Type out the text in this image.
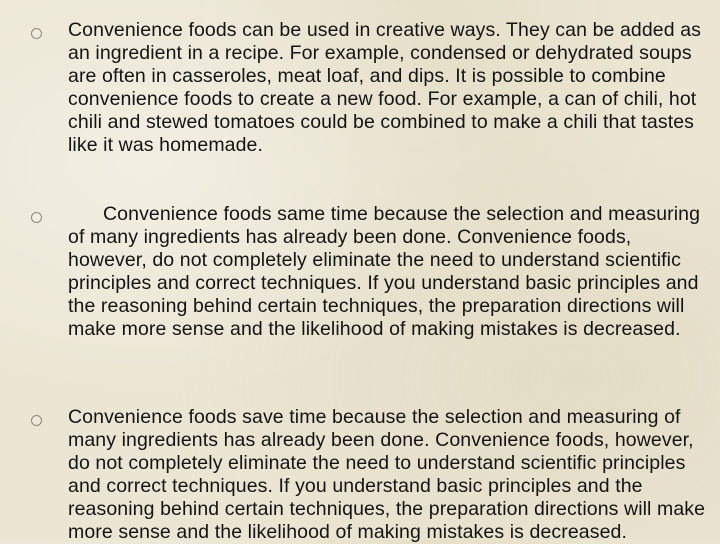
Convenience foods can be used in creative ways. They can be added as an ingredient in a recipe. For example, condensed or dehydrated soups are often in casseroles, meat loaf, and dips. It is possible to combine convenience foods to create a new food. For example, a can of chili, hot chili and stewed tomatoes could be combined to make a chili that tastes like it was homemade.
Convenience foods same time because the selection and measuring of many ingredients has already been done. Convenience foods, however, do not completely eliminate the need to understand scientific principles and correct techniques. If you understand basic principles and the reasoning behind certain techniques, the preparation directions will make more sense and the likelihood of making mistakes is decreased.
Convenience foods save time because the selection and measuring of many ingredients has already been done. Convenience foods, however, do not completely eliminate the need to understand scientific principles and correct techniques. If you understand basic principles and the reasoning behind certain techniques, the preparation directions will make more sense and the likelihood of making mistakes is decreased.
